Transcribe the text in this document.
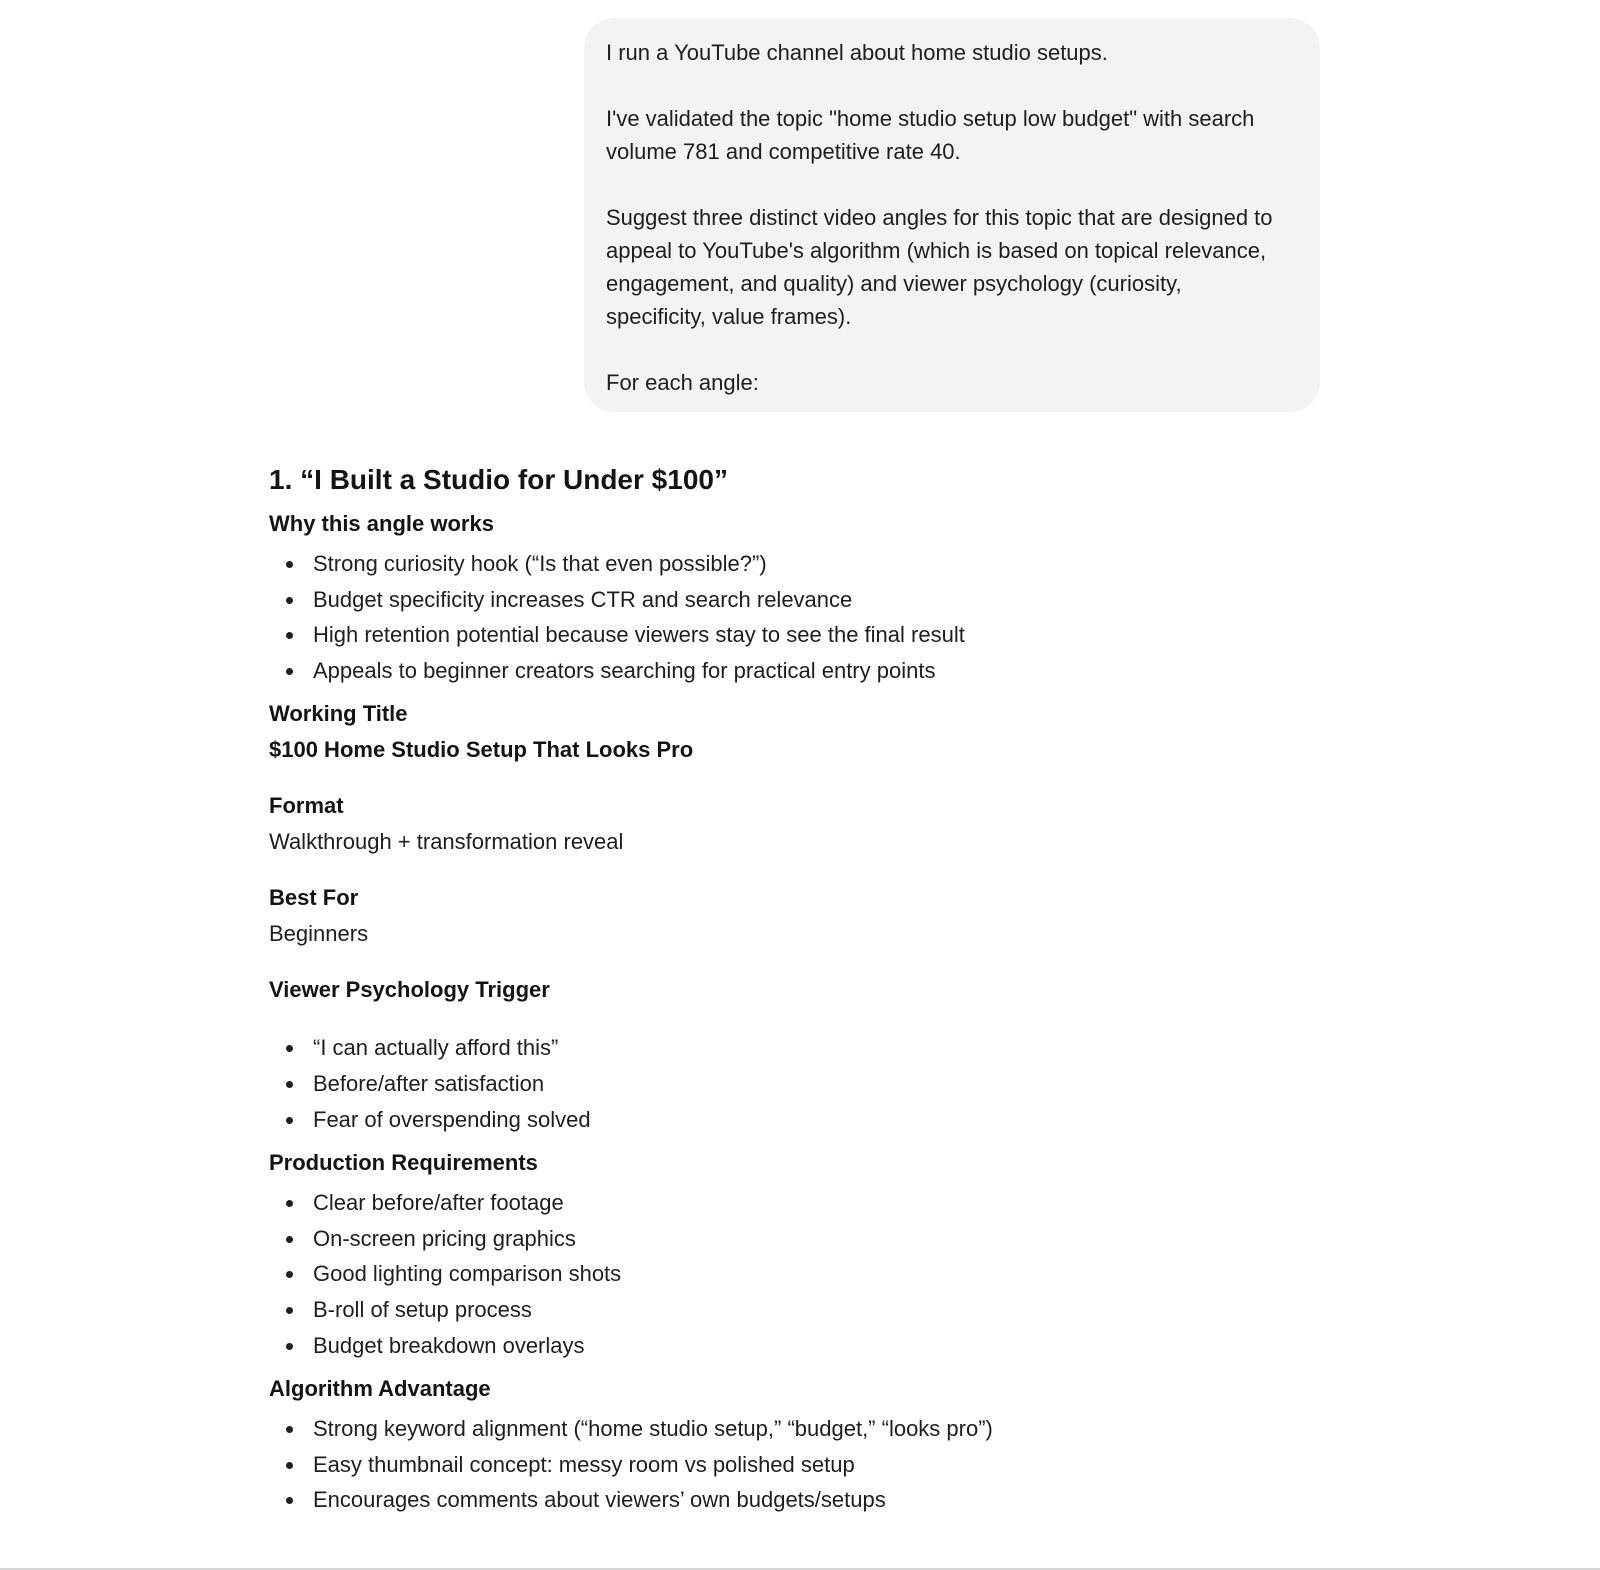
I run a YouTube channel about home studio setups.

I've validated the topic "home studio setup low budget" with search
volume 781 and competitive rate 40.

Suggest three distinct video angles for this topic that are designed to
appeal to YouTube's algorithm (which is based on topical relevance,
engagement, and quality) and viewer psychology (curiosity,
specificity, value frames).

For each angle:

1. “I Built a Studio for Under $100”
Why this angle works
Strong curiosity hook (“Is that even possible?”)
Budget specificity increases CTR and search relevance
High retention potential because viewers stay to see the final result
Appeals to beginner creators searching for practical entry points
Working Title
$100 Home Studio Setup That Looks Pro
Format
Walkthrough + transformation reveal
Best For
Beginners
Viewer Psychology Trigger
“I can actually afford this”
Before/after satisfaction
Fear of overspending solved
Production Requirements
Clear before/after footage
On-screen pricing graphics
Good lighting comparison shots
B-roll of setup process
Budget breakdown overlays
Algorithm Advantage
Strong keyword alignment (“home studio setup,” “budget,” “looks pro”)
Easy thumbnail concept: messy room vs polished setup
Encourages comments about viewers’ own budgets/setups
